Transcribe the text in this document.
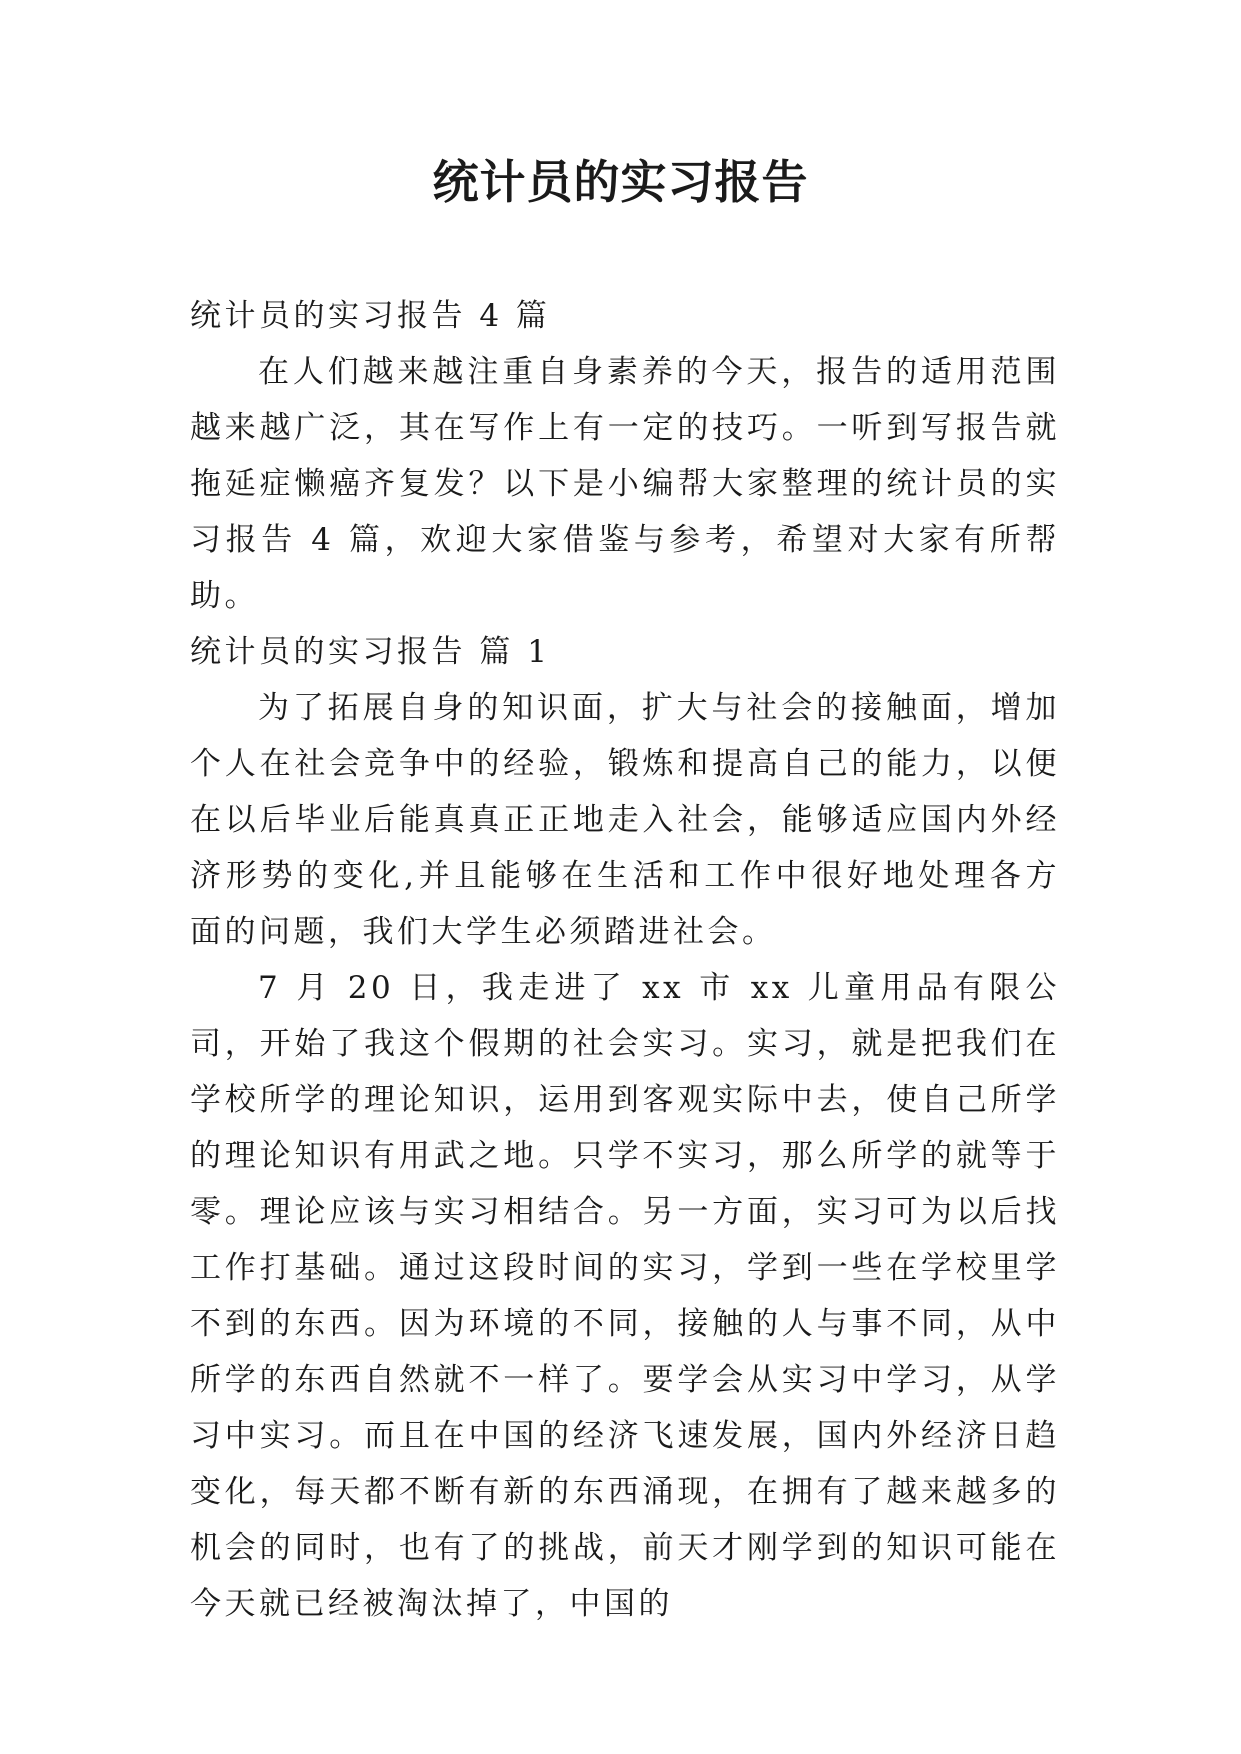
统计员的实习报告

统计员的实习报告 4 篇

在人们越来越注重自身素养的今天，报告的适用范围越来越广泛，其在写作上有一定的技巧。一听到写报告就拖延症懒癌齐复发？以下是小编帮大家整理的统计员的实习报告 4 篇，欢迎大家借鉴与参考，希望对大家有所帮助。

统计员的实习报告 篇 1

为了拓展自身的知识面，扩大与社会的接触面，增加个人在社会竞争中的经验，锻炼和提高自己的能力，以便在以后毕业后能真真正正地走入社会，能够适应国内外经济形势的变化,并且能够在生活和工作中很好地处理各方面的问题，我们大学生必须踏进社会。

7 月 20 日，我走进了 xx 市 xx 儿童用品有限公司，开始了我这个假期的社会实习。实习，就是把我们在学校所学的理论知识，运用到客观实际中去，使自己所学的理论知识有用武之地。只学不实习，那么所学的就等于零。理论应该与实习相结合。另一方面，实习可为以后找工作打基础。通过这段时间的实习，学到一些在学校里学不到的东西。因为环境的不同，接触的人与事不同，从中所学的东西自然就不一样了。要学会从实习中学习，从学习中实习。而且在中国的经济飞速发展，国内外经济日趋变化，每天都不断有新的东西涌现，在拥有了越来越多的机会的同时，也有了的挑战，前天才刚学到的知识可能在今天就已经被淘汰掉了，中国的
